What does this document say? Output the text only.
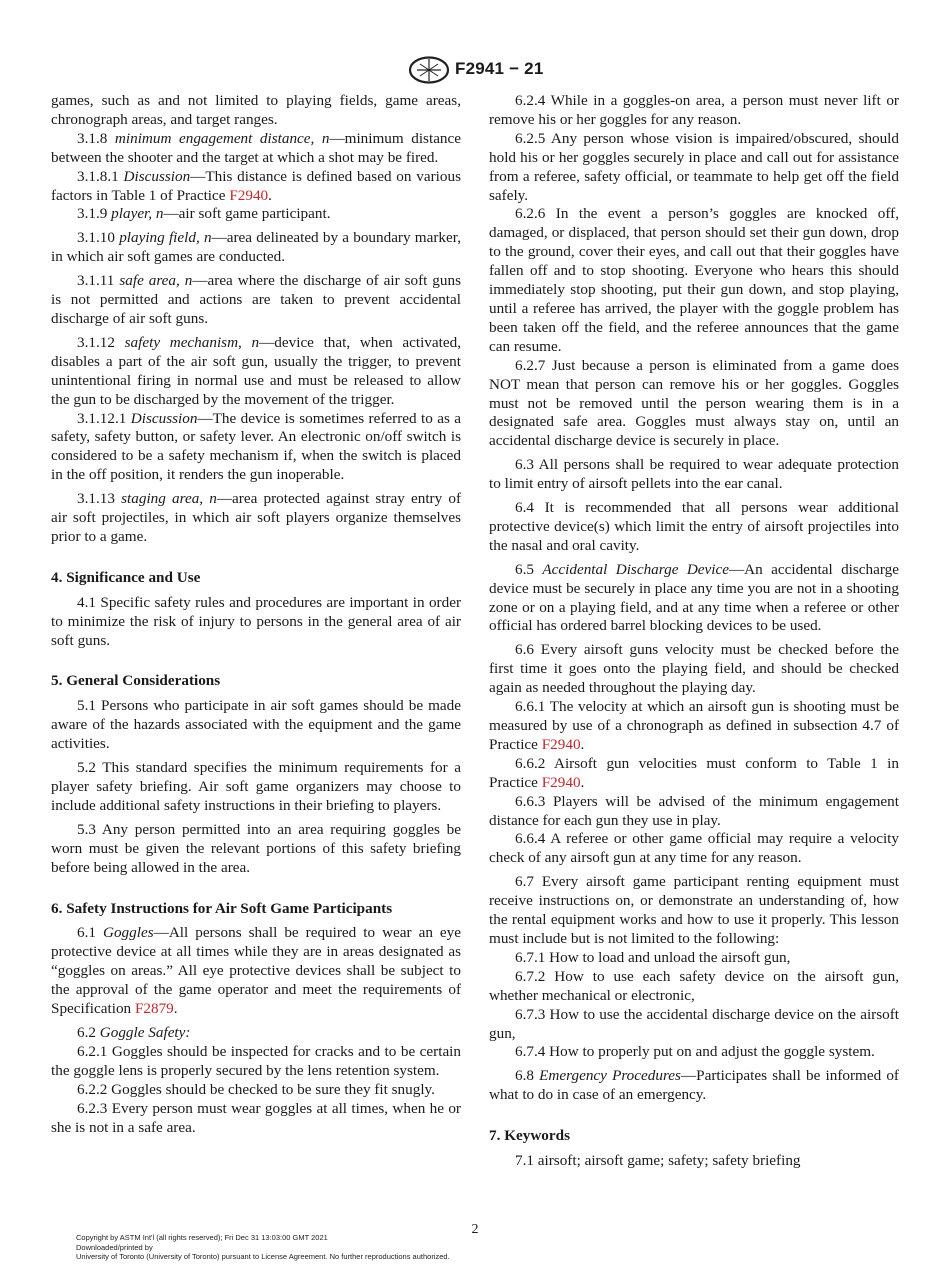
F2941 − 21

games, such as and not limited to playing fields, game areas, chronograph areas, and target ranges.

3.1.8 minimum engagement distance, n—minimum distance between the shooter and the target at which a shot may be fired.

3.1.8.1 Discussion—This distance is defined based on various factors in Table 1 of Practice F2940.

3.1.9 player, n—air soft game participant.

3.1.10 playing field, n—area delineated by a boundary marker, in which air soft games are conducted.

3.1.11 safe area, n—area where the discharge of air soft guns is not permitted and actions are taken to prevent accidental discharge of air soft guns.

3.1.12 safety mechanism, n—device that, when activated, disables a part of the air soft gun, usually the trigger, to prevent unintentional firing in normal use and must be released to allow the gun to be discharged by the movement of the trigger.

3.1.12.1 Discussion—The device is sometimes referred to as a safety, safety button, or safety lever. An electronic on/off switch is considered to be a safety mechanism if, when the switch is placed in the off position, it renders the gun inoperable.

3.1.13 staging area, n—area protected against stray entry of air soft projectiles, in which air soft players organize themselves prior to a game.

4. Significance and Use

4.1 Specific safety rules and procedures are important in order to minimize the risk of injury to persons in the general area of air soft guns.

5. General Considerations

5.1 Persons who participate in air soft games should be made aware of the hazards associated with the equipment and the game activities.

5.2 This standard specifies the minimum requirements for a player safety briefing. Air soft game organizers may choose to include additional safety instructions in their briefing to players.

5.3 Any person permitted into an area requiring goggles be worn must be given the relevant portions of this safety briefing before being allowed in the area.

6. Safety Instructions for Air Soft Game Participants

6.1 Goggles—All persons shall be required to wear an eye protective device at all times while they are in areas designated as “goggles on areas.” All eye protective devices shall be subject to the approval of the game operator and meet the requirements of Specification F2879.

6.2 Goggle Safety:

6.2.1 Goggles should be inspected for cracks and to be certain the goggle lens is properly secured by the lens retention system.

6.2.2 Goggles should be checked to be sure they fit snugly.

6.2.3 Every person must wear goggles at all times, when he or she is not in a safe area.

6.2.4 While in a goggles-on area, a person must never lift or remove his or her goggles for any reason.

6.2.5 Any person whose vision is impaired/obscured, should hold his or her goggles securely in place and call out for assistance from a referee, safety official, or teammate to help get off the field safely.

6.2.6 In the event a person’s goggles are knocked off, damaged, or displaced, that person should set their gun down, drop to the ground, cover their eyes, and call out that their goggles have fallen off and to stop shooting. Everyone who hears this should immediately stop shooting, put their gun down, and stop playing, until a referee has arrived, the player with the goggle problem has been taken off the field, and the referee announces that the game can resume.

6.2.7 Just because a person is eliminated from a game does NOT mean that person can remove his or her goggles. Goggles must not be removed until the person wearing them is in a designated safe area. Goggles must always stay on, until an accidental discharge device is securely in place.

6.3 All persons shall be required to wear adequate protection to limit entry of airsoft pellets into the ear canal.

6.4 It is recommended that all persons wear additional protective device(s) which limit the entry of airsoft projectiles into the nasal and oral cavity.

6.5 Accidental Discharge Device—An accidental discharge device must be securely in place any time you are not in a shooting zone or on a playing field, and at any time when a referee or other official has ordered barrel blocking devices to be used.

6.6 Every airsoft guns velocity must be checked before the first time it goes onto the playing field, and should be checked again as needed throughout the playing day.

6.6.1 The velocity at which an airsoft gun is shooting must be measured by use of a chronograph as defined in subsection 4.7 of Practice F2940.

6.6.2 Airsoft gun velocities must conform to Table 1 in Practice F2940.

6.6.3 Players will be advised of the minimum engagement distance for each gun they use in play.

6.6.4 A referee or other game official may require a velocity check of any airsoft gun at any time for any reason.

6.7 Every airsoft game participant renting equipment must receive instructions on, or demonstrate an understanding of, how the rental equipment works and how to use it properly. This lesson must include but is not limited to the following:

6.7.1 How to load and unload the airsoft gun,

6.7.2 How to use each safety device on the airsoft gun, whether mechanical or electronic,

6.7.3 How to use the accidental discharge device on the airsoft gun,

6.7.4 How to properly put on and adjust the goggle system.

6.8 Emergency Procedures—Participates shall be informed of what to do in case of an emergency.

7. Keywords

7.1 airsoft; airsoft game; safety; safety briefing

2
Copyright by ASTM Int'l (all rights reserved); Fri Dec 31 13:03:00 GMT 2021
Downloaded/printed by
University of Toronto (University of Toronto) pursuant to License Agreement. No further reproductions authorized.
